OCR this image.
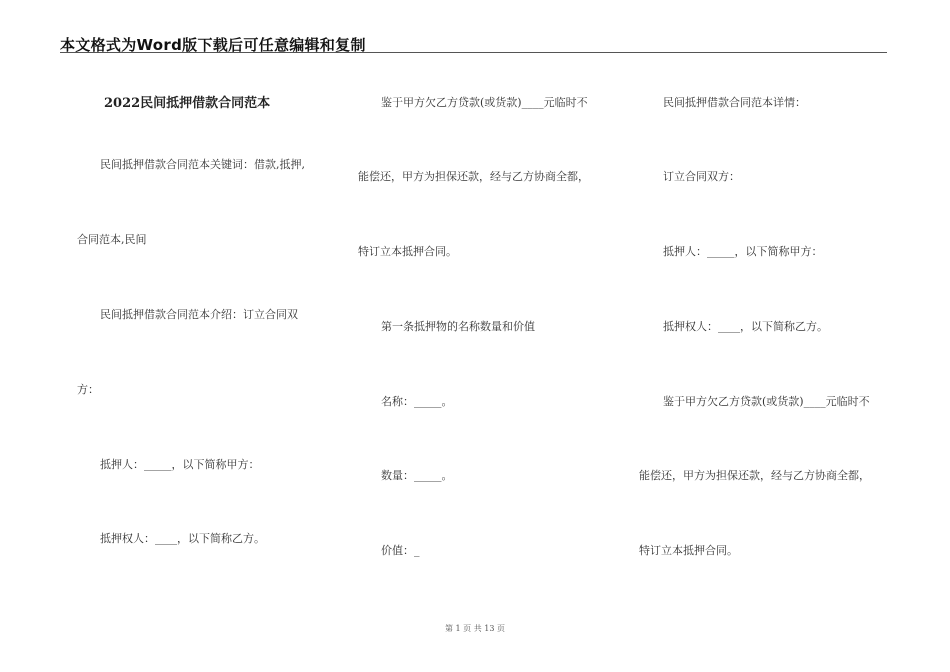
本文格式为Word版下载后可任意编辑和复制
2022民间抵押借款合同范本
民间抵押借款合同范本关键词：借款,抵押,
合同范本,民间
民间抵押借款合同范本介绍：订立合同双
方：
抵押人：_____，以下简称甲方：
抵押权人：____，以下简称乙方。
鉴于甲方欠乙方贷款(或货款)____元临时不
能偿还，甲方为担保还款，经与乙方协商全都，
特订立本抵押合同。
第一条抵押物的名称数量和价值
名称：_____。
数量：_____。
价值：_
民间抵押借款合同范本详情：
订立合同双方：
抵押人：_____，以下简称甲方：
抵押权人：____，以下简称乙方。
鉴于甲方欠乙方贷款(或货款)____元临时不
能偿还，甲方为担保还款，经与乙方协商全都，
特订立本抵押合同。
第 1 页 共 13 页
